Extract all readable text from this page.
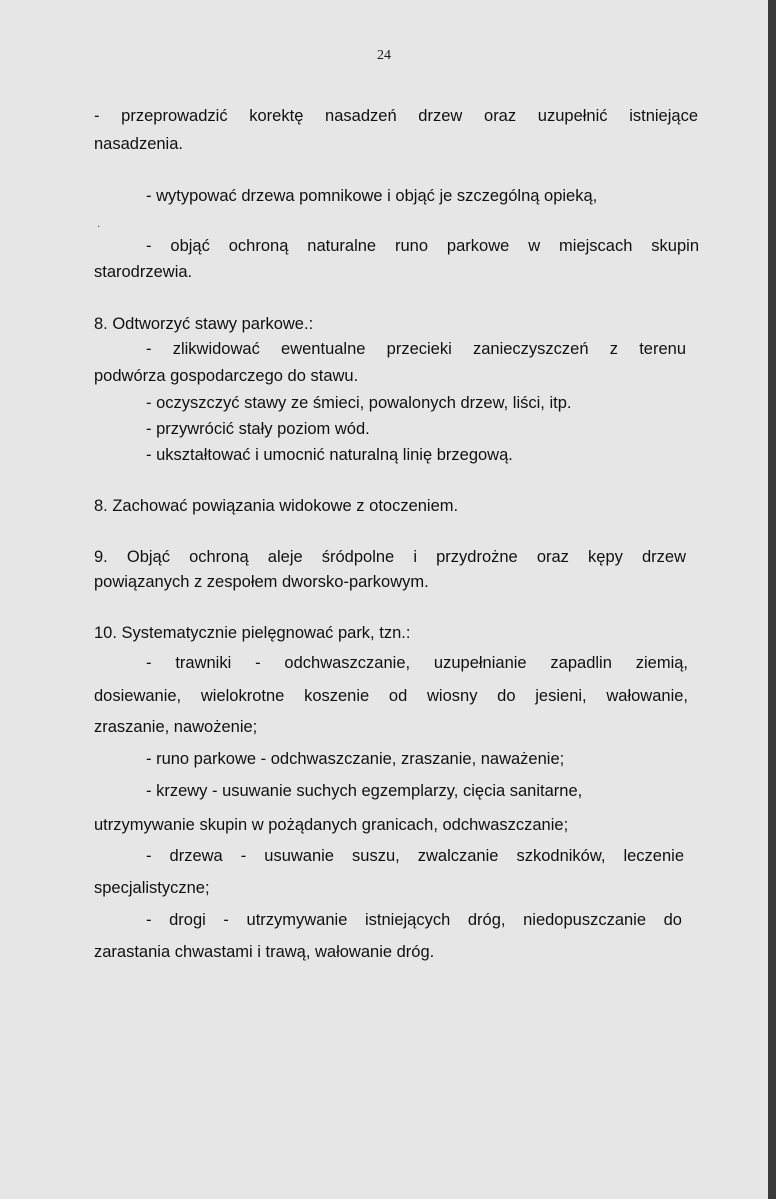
24
- przeprowadzić korektę nasadzeń drzew oraz uzupełnić istniejące
nasadzenia.
- wytypować drzewa pomnikowe i objąć je szczególną opieką,
.
- objąć ochroną naturalne runo parkowe w miejscach skupin
starodrzewia.
8. Odtworzyć stawy parkowe.:
- zlikwidować ewentualne przecieki zanieczyszczeń z terenu
podwórza gospodarczego do stawu.
- oczyszczyć stawy ze śmieci, powalonych drzew, liści, itp.
- przywrócić stały poziom wód.
- ukształtować i umocnić naturalną linię brzegową.
8. Zachować powiązania widokowe z otoczeniem.
9. Objąć ochroną aleje śródpolne i przydrożne oraz kępy drzew
powiązanych z zespołem dworsko-parkowym.
10. Systematycznie pielęgnować park, tzn.:
- trawniki - odchwaszczanie, uzupełnianie zapadlin ziemią,
dosiewanie, wielokrotne koszenie od wiosny do jesieni, wałowanie,
zraszanie, nawożenie;
- runo parkowe - odchwaszczanie, zraszanie, naważenie;
- krzewy - usuwanie suchych egzemplarzy, cięcia sanitarne,
utrzymywanie skupin w pożądanych granicach, odchwaszczanie;
- drzewa - usuwanie suszu, zwalczanie szkodników, leczenie
specjalistyczne;
- drogi - utrzymywanie istniejących dróg, niedopuszczanie do
zarastania chwastami i trawą, wałowanie dróg.
